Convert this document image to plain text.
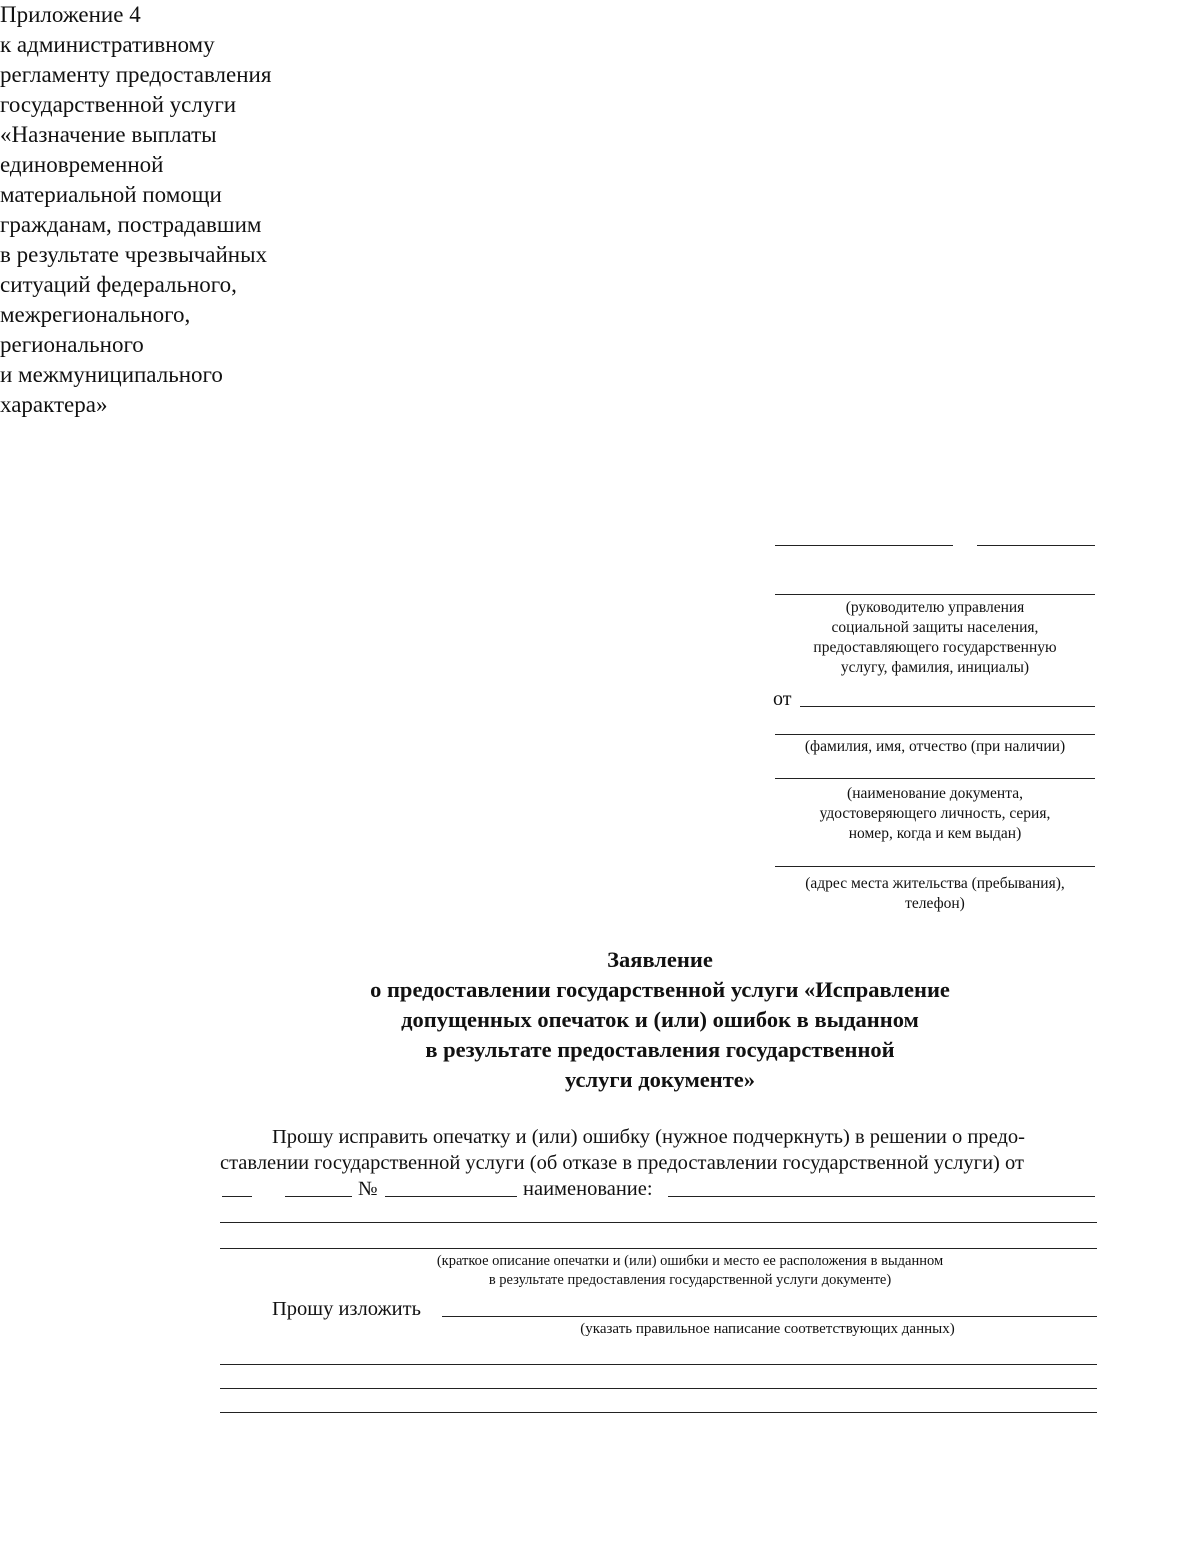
Приложение 4
к административному
регламенту предоставления
государственной услуги
«Назначение выплаты
единовременной
материальной помощи
гражданам, пострадавшим
в результате чрезвычайных
ситуаций федерального,
межрегионального,
регионального
и межмуниципального
характера»
(руководителю управления
социальной защиты населения,
предоставляющего государственную
услугу, фамилия, инициалы)
от
(фамилия, имя, отчество (при наличии)
(наименование документа,
удостоверяющего личность, серия,
номер, когда и кем выдан)
(адрес места жительства (пребывания),
телефон)
Заявление
о предоставлении государственной услуги «Исправление
допущенных опечаток и (или) ошибок в выданном
в результате предоставления государственной
услуги документе»
Прошу исправить опечатку и (или) ошибку (нужное подчеркнуть) в решении о предо-
ставлении государственной услуги (об отказе в предоставлении государственной услуги) от
№	наименование:
(краткое описание опечатки и (или) ошибки и место ее расположения в выданном
в результате предоставления государственной услуги документе)
Прошу изложить
(указать правильное написание соответствующих данных)
